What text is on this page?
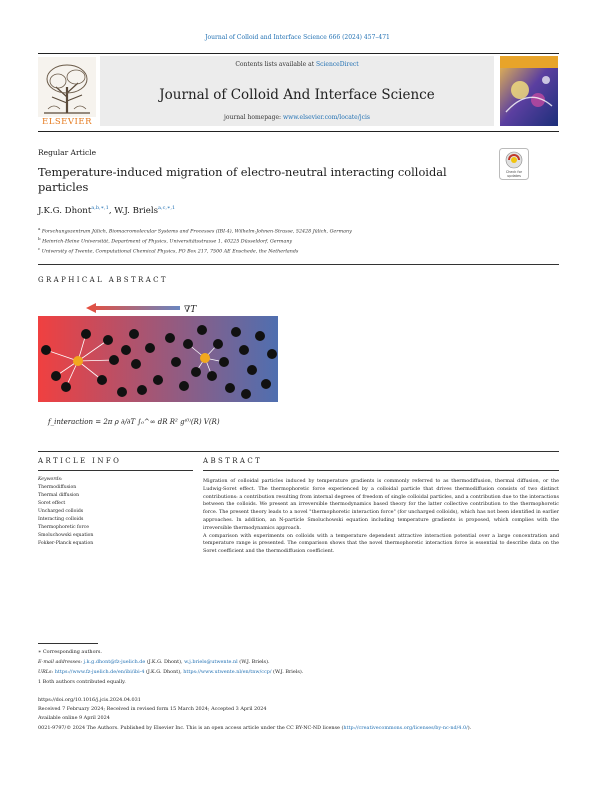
Journal of Colloid and Interface Science 666 (2024) 457–471
ELSEVIER
Contents lists available at ScienceDirect
Journal of Colloid And Interface Science
journal homepage: www.elsevier.com/locate/jcis
Regular Article
Temperature-induced migration of electro-neutral interacting colloidal particles
Check for updates
J.K.G. Dhont$^{a,b,∗,1}$, W.J. Briels$^{a,c,∗,1}$
$^a$ Forschungszentrum Jülich, Biomacromolecular Systems and Processes (IBI-4), Wilhelm-Johnen-Strasse, 52428 Jülich, Germany
$^b$ Heinrich-Heine Universität, Department of Physics, Universitätsstrasse 1, 40225 Düsseldorf, Germany
$^c$ University of Twente, Computational Chemical Physics, PO Box 217, 7500 AE Enschede, the Netherlands
GRAPHICAL ABSTRACT
∇T
f_interaction = 2π ρ ∂/∂T ∫₀^∞ dR R² g⁽⁰⁾(R) V(R)
ARTICLE INFO	ABSTRACT
Keywords:
Thermodiffusion
Thermal diffusion
Soret effect
Uncharged colloids
Interacting colloids
Thermophoretic force
Smoluchowski equation
Fokker-Planck equation
Migration of colloidal particles induced by temperature gradients is commonly referred to as thermodiffusion, thermal diffusion, or the Ludwig-Soret effect. The thermophoretic force experienced by a colloidal particle that drives thermodiffusion consists of two distinct contributions: a contribution resulting from internal degrees of freedom of single colloidal particles, and a contribution due to the interactions between the colloids. We present an irreversible thermodynamics based theory for the latter collective contribution to the thermophoretic force. The present theory leads to a novel "thermophoretic interaction force" (for uncharged colloids), which has not been identified in earlier approaches. In addition, an N-particle Smoluchowski equation including temperature gradients is proposed, which complies with the irreversible thermodynamics approach.
A comparison with experiments on colloids with a temperature dependent attractive interaction potential over a large concentration and temperature range is presented. The comparison shows that the novel thermophoretic interaction force is essential to describe data on the Soret coefficient and the thermodiffusion coefficient.
∗ Corresponding authors.
E-mail addresses: j.k.g.dhont@fz-juelich.de (J.K.G. Dhont), w.j.briels@utwente.nl (W.J. Briels).
URLs: https://www.fz-juelich.de/en/ibi/ibi-4 (J.K.G. Dhont), https://www.utwente.nl/en/tnw/ccp/ (W.J. Briels).
1 Both authors contributed equally.
https://doi.org/10.1016/j.jcis.2024.04.031
Received 7 February 2024; Received in revised form 15 March 2024; Accepted 3 April 2024
Available online 9 April 2024
0021-9797/© 2024 The Authors. Published by Elsevier Inc. This is an open access article under the CC BY-NC-ND license (http://creativecommons.org/licenses/by-nc-nd/4.0/).
